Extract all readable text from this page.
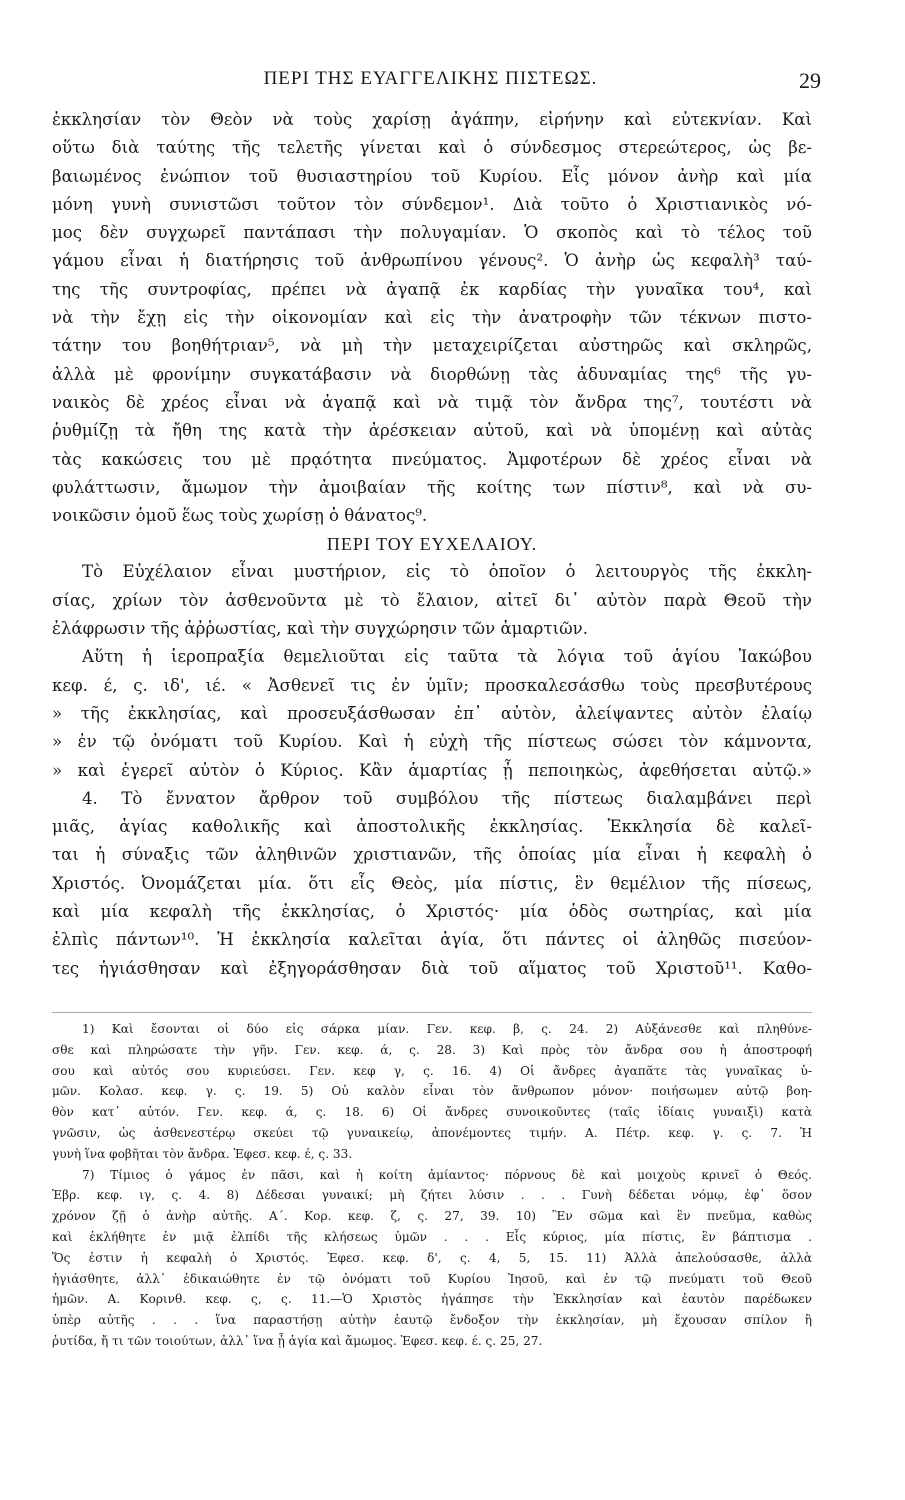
ΠΕΡΙ ΤΗΣ ΕΥΑΓΓΕΛΙΚΗΣ ΠΙΣΤΕΩΣ.	29
ἐκκλησίαν τὸν Θεὸν νὰ τοὺς χαρίσῃ ἀγάπην, εἰρήνην καὶ εὐτεκνίαν. Καὶ
οὕτω διὰ ταύτης τῆς τελετῆς γίνεται καὶ ὁ σύνδεσμος στερεώτερος, ὡς βε-
βαιωμένος ἐνώπιον τοῦ θυσιαστηρίου τοῦ Κυρίου. Εἷς μόνον ἀνὴρ καὶ μία
μόνη γυνὴ συνιστῶσι τοῦτον τὸν σύνδεμον¹. Διὰ τοῦτο ὁ Χριστιανικὸς νό-
μος δὲν συγχωρεῖ παντάπασι τὴν πολυγαμίαν. Ὁ σκοπὸς καὶ τὸ τέλος τοῦ
γάμου εἶναι ἡ διατήρησις τοῦ ἀνθρωπίνου γένους². Ὁ ἀνὴρ ὡς κεφαλὴ³ ταύ-
της τῆς συντροφίας, πρέπει νὰ ἀγαπᾷ ἐκ καρδίας τὴν γυναῖκα του⁴, καὶ
νὰ τὴν ἔχῃ εἰς τὴν οἰκονομίαν καὶ εἰς τὴν ἀνατροφὴν τῶν τέκνων πιστο-
τάτην του βοηθήτριαν⁵, νὰ μὴ τὴν μεταχειρίζεται αὐστηρῶς καὶ σκληρῶς,
ἀλλὰ μὲ φρονίμην συγκατάβασιν νὰ διορθώνῃ τὰς ἀδυναμίας της⁶ τῆς γυ-
ναικὸς δὲ χρέος εἶναι νὰ ἀγαπᾷ καὶ νὰ τιμᾷ τὸν ἄνδρα της⁷, τουτέστι νὰ
ῥυθμίζῃ τὰ ἤθη της κατὰ τὴν ἀρέσκειαν αὐτοῦ, καὶ νὰ ὑπομένῃ καὶ αὐτὰς
τὰς κακώσεις του μὲ πρᾳότητα πνεύματος. Ἀμφοτέρων δὲ χρέος εἶναι νὰ
φυλάττωσιν, ἄμωμον τὴν ἀμοιβαίαν τῆς κοίτης των πίστιν⁸, καὶ νὰ συ-
νοικῶσιν ὁμοῦ ἕως τοὺς χωρίσῃ ὁ θάνατος⁹.
ΠΕΡΙ ΤΟΥ ΕΥΧΕΛΑΙΟΥ.
Τὸ Εὐχέλαιον εἶναι μυστήριον, εἰς τὸ ὁποῖον ὁ λειτουργὸς τῆς ἐκκλη-
σίας, χρίων τὸν ἀσθενοῦντα μὲ τὸ ἔλαιον, αἰτεῖ δι᾽ αὐτὸν παρὰ Θεοῦ τὴν
ἐλάφρωσιν τῆς ἀῤῥωστίας, καὶ τὴν συγχώρησιν τῶν ἁμαρτιῶν.
Αὕτη ἡ ἱεροπραξία θεμελιοῦται εἰς ταῦτα τὰ λόγια τοῦ ἁγίου Ἰακώβου
κεφ. έ, ς. ιδ', ιέ. « Ἀσθενεῖ τις ἐν ὑμῖν; προσκαλεσάσθω τοὺς πρεσβυτέρους
» τῆς ἐκκλησίας, καὶ προσευξάσθωσαν ἐπ᾽ αὐτὸν, ἀλείψαντες αὐτὸν ἐλαίῳ
» ἐν τῷ ὀνόματι τοῦ Κυρίου. Καὶ ἡ εὐχὴ τῆς πίστεως σώσει τὸν κάμνοντα,
» καὶ ἐγερεῖ αὐτὸν ὁ Κύριος. Κἂν ἁμαρτίας ᾖ πεποιηκὼς, ἀφεθήσεται αὐτῷ.»
4. Τὸ ἔννατον ἄρθρον τοῦ συμβόλου τῆς πίστεως διαλαμβάνει περὶ
μιᾶς, ἁγίας καθολικῆς καὶ ἀποστολικῆς ἐκκλησίας. Ἐκκλησία δὲ καλεῖ-
ται ἡ σύναξις τῶν ἀληθινῶν χριστιανῶν, τῆς ὁποίας μία εἶναι ἡ κεφαλὴ ὁ
Χριστός. Ὀνομάζεται μία. ὅτι εἷς Θεὸς, μία πίστις, ἓν θεμέλιον τῆς πίσεως,
καὶ μία κεφαλὴ τῆς ἐκκλησίας, ὁ Χριστός· μία ὁδὸς σωτηρίας, καὶ μία
ἐλπὶς πάντων¹⁰. Ἡ ἐκκλησία καλεῖται ἁγία, ὅτι πάντες οἱ ἀληθῶς πισεύον-
τες ἡγιάσθησαν καὶ ἐξηγοράσθησαν διὰ τοῦ αἵματος τοῦ Χριστοῦ¹¹. Καθο-
1) Καὶ ἔσονται οἱ δύο εἰς σάρκα μίαν. Γεν. κεφ. β, ς. 24. 2) Αὐξάνεσθε καὶ πληθύνε-
σθε καὶ πληρώσατε τὴν γῆν. Γεν. κεφ. ά, ς. 28. 3) Καὶ πρὸς τὸν ἄνδρα σου ἡ ἀποστροφή
σου καὶ αὐτός σου κυριεύσει. Γεν. κεφ γ, ς. 16. 4) Οἱ ἄνδρες ἀγαπᾶτε τὰς γυναῖκας ὑ-
μῶν. Κολασ. κεφ. γ. ς. 19. 5) Οὐ καλὸν εἶναι τὸν ἄνθρωπον μόνον· ποιήσωμεν αὐτῷ βοη-
θὸν κατ᾽ αὐτόν. Γεν. κεφ. ά, ς. 18. 6) Οἱ ἄνδρες συνοικοῦντες (ταῖς ἰδίαις γυναιξὶ) κατὰ
γνῶσιν, ὡς ἀσθενεστέρῳ σκεύει τῷ γυναικείῳ, ἀπονέμοντες τιμήν. Α. Πέτρ. κεφ. γ. ς. 7. Ἡ
γυνὴ ἵνα φοβῆται τὸν ἄνδρα. Ἐφεσ. κεφ. έ, ς. 33.
7) Τίμιος ὁ γάμος ἐν πᾶσι, καὶ ἡ κοίτη ἀμίαντος· πόρνους δὲ καὶ μοιχοὺς κρινεῖ ὁ Θεός.
Ἑβρ. κεφ. ιγ, ς. 4. 8) Δέδεσαι γυναικί; μὴ ζήτει λύσιν . . . Γυνὴ δέδεται νόμῳ, ἐφ᾽ ὅσον
χρόνον ζῇ ὁ ἀνὴρ αὐτῆς. Α΄. Κορ. κεφ. ζ, ς. 27, 39. 10) Ἓν σῶμα καὶ ἓν πνεῦμα, καθὼς
καὶ ἐκλήθητε ἐν μιᾷ ἐλπίδι τῆς κλήσεως ὑμῶν . . . Εἷς κύριος, μία πίστις, ἓν βάπτισμα .
Ὅς ἐστιν ἡ κεφαλὴ ὁ Χριστός. Ἐφεσ. κεφ. δ', ς. 4, 5, 15. 11) Ἀλλὰ ἀπελούσασθε, ἀλλὰ
ἡγιάσθητε, ἀλλ᾽ ἐδικαιώθητε ἐν τῷ ὀνόματι τοῦ Κυρίου Ἰησοῦ, καὶ ἐν τῷ πνεύματι τοῦ Θεοῦ
ἡμῶν. Α. Κορινθ. κεφ. ς, ς. 11.—Ὁ Χριστὸς ἠγάπησε τὴν Ἐκκλησίαν καὶ ἑαυτὸν παρέδωκεν
ὑπὲρ αὐτῆς . . . ἵνα παραστήσῃ αὐτὴν ἑαυτῷ ἔνδοξον τὴν ἐκκλησίαν, μὴ ἔχουσαν σπίλον ἢ
ῥυτίδα, ἤ τι τῶν τοιούτων, ἀλλ᾽ ἵνα ᾖ ἁγία καὶ ἄμωμος. Ἐφεσ. κεφ. έ. ς. 25, 27.
